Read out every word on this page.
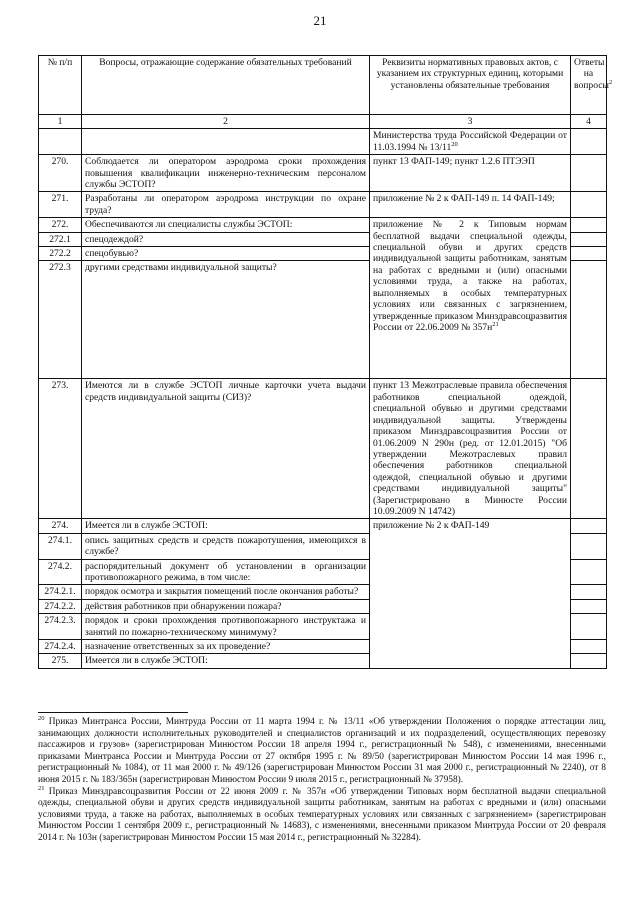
21
№ п/п	Вопросы, отражающие содержание обязательных требований	Реквизиты нормативных правовых актов, с указанием их структурных единиц, которыми установлены обязательные требования	Ответы на вопросы$^2$
1	2	3	4
		Министерства труда Российской Федерации от 11.03.1994 № $13/11^{20}$	
270.	Соблюдается ли оператором аэродрома сроки прохождения повышения квалификации инженерно-техническим персоналом службы ЭСТОП?	пункт 13 ФАП-149; пункт 1.2.6 ПТЭЭП	
271.	Разработаны ли оператором аэродрома инструкции по охране труда?	приложение № 2 к ФАП-149 п. 14 ФАП-149;	
272.	Обеспечиваются ли специалисты службы ЭСТОП:	приложение № 2 к Типовым нормам бесплатной выдачи специальной одежды, специальной обуви и других средств индивидуальной защиты работникам, занятым на работах с вредными и (или) опасными условиями труда, а также на работах, выполняемых в особых температурных условиях или связанных с загрязнением, утвержденные приказом Минздравсоцразвития России от 22.06.2009 № $357н^{21}$	
272.1	спецодеждой?		
272.2	спецобувью?		
272.3	другими средствами индивидуальной защиты?		
273.	Имеются ли в службе ЭСТОП личные карточки учета выдачи средств индивидуальной защиты (СИЗ)?	пункт 13 Межотраслевые правила обеспечения работников специальной одеждой, специальной обувью и другими средствами индивидуальной защиты. Утверждены приказом Минздравсоцразвития России от 01.06.2009 N 290н (ред. от 12.01.2015) "Об утверждении Межотраслевых правил обеспечения работников специальной одеждой, специальной обувью и другими средствами индивидуальной защиты" (Зарегистрировано в Минюсте России 10.09.2009 N 14742)	
274.	Имеется ли в службе ЭСТОП:	приложение № 2 к ФАП-149	
274.1.	опись защитных средств и средств пожаротушения, имеющихся в службе?		
274.2.	распорядительный документ об установлении в организации противопожарного режима, в том числе:		
274.2.1.	порядок осмотра и закрытия помещений после окончания работы?		
274.2.2.	действия работников при обнаружении пожара?		
274.2.3.	порядок и сроки прохождения противопожарного инструктажа и занятий по пожарно-техническому минимуму?		
274.2.4.	назначение ответственных за их проведение?		
275.	Имеется ли в службе ЭСТОП:		

$^{20}$ Приказ Минтранса России, Минтруда России от 11 марта 1994 г. № 13/11 «Об утверждении Положения о порядке аттестации лиц, занимающих должности исполнительных руководителей и специалистов организаций и их подразделений, осуществляющих перевозку пассажиров и грузов» (зарегистрирован Минюстом России 18 апреля 1994 г., регистрационный № 548), с изменениями, внесенными приказами Минтранса России и Минтруда России от 27 октября 1995 г. № 89/50 (зарегистрирован Минюстом России 14 мая 1996 г., регистрационный № 1084), от 11 мая 2000 г. № 49/126 (зарегистрирован Минюстом России 31 мая 2000 г., регистрационный № 2240), от 8 июня 2015 г. № 183/365н (зарегистрирован Минюстом России 9 июля 2015 г., регистрационный № 37958).

$^{21}$ Приказ Минздравсоцразвития России от 22 июня 2009 г. № 357н «Об утверждении Типовых норм бесплатной выдачи специальной одежды, специальной обуви и других средств индивидуальной защиты работникам, занятым на работах с вредными и (или) опасными условиями труда, а также на работах, выполняемых в особых температурных условиях или связанных с загрязнением» (зарегистрирован Минюстом России 1 сентября 2009 г., регистрационный № 14683), с изменениями, внесенными приказом Минтруда России от 20 февраля 2014 г. № 103н (зарегистрирован Минюстом России 15 мая 2014 г., регистрационный № 32284).
